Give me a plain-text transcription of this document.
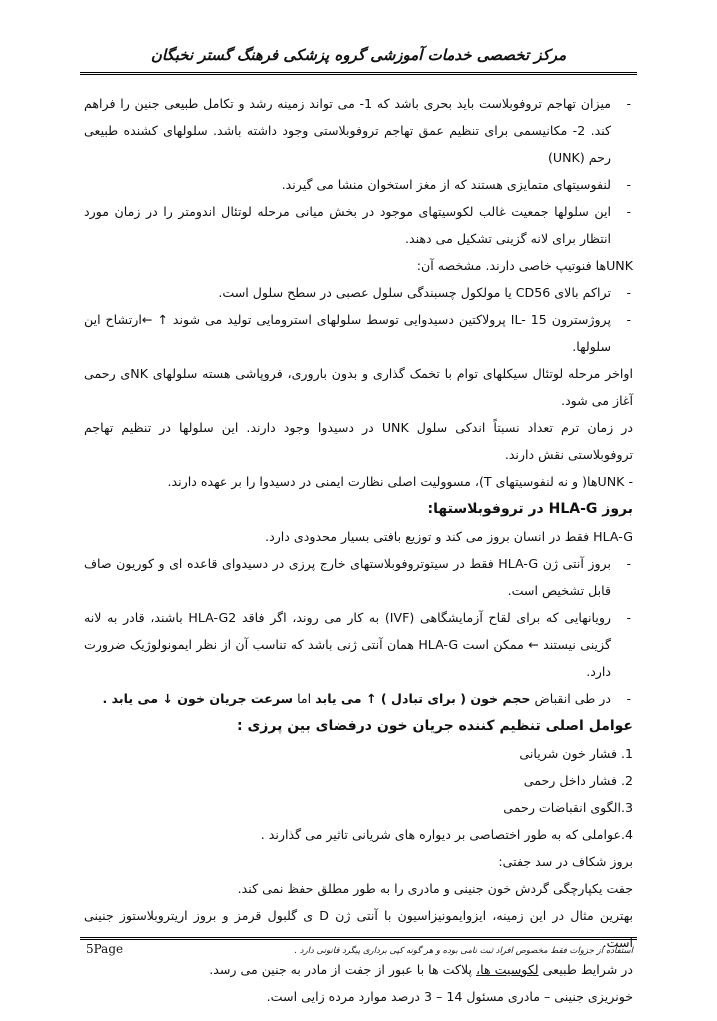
مرکز تخصصی خدمات آموزشی گروه پزشکی فرهنگ گستر نخبگان

- میزان تهاجم تروفوبلاست باید بحری باشد که 1- می تواند زمینه رشد و تکامل طبیعی جنین را فراهم کند. 2- مکانیسمی برای تنظیم عمق تهاجم تروفوبلاستی وجود داشته باشد. سلولهای کشنده طبیعی رحم (UNK)

- لنفوسیتهای متمایزی هستند که از مغز استخوان منشا می گیرند.

- این سلولها جمعیت غالب لکوسیتهای موجود در بخش میانی مرحله لوتئال اندومتر را در زمان مورد انتظار برای لانه گزینی تشکیل می دهند.

UNKها فنوتیپ خاصی دارند. مشخصه آن:

- تراکم بالای CD56 یا مولکول چسبندگی سلول عصبی در سطح سلول است.

- پروژسترون IL- 15 پرولاکتین دسیدوایی توسط سلولهای استرومایی تولید می شوند ↑ ←ارتشاح این سلولها.

اواخر مرحله لوتئال سیکلهای توام با تخمک گذاری و بدون باروری، فروپاشی هسته سلولهای NKی رحمی آغاز می شود.

در زمان ترم تعداد نسبتاً اندکی سلول UNK در دسیدوا وجود دارند. این سلولها در تنظیم تهاجم تروفوبلاستی نقش دارند.

- UNKها( و نه لنفوسیتهای T)، مسوولیت اصلی نظارت ایمنی در دسیدوا را بر عهده دارند.

بروز HLA-G در تروفوبلاستها:

HLA-G فقط در انسان بروز می کند و توزیع بافتی بسیار محدودی دارد.

- بروز آنتی ژن HLA-G فقط در سیتوتروفوبلاستهای خارج پرزی در دسیدوای قاعده ای و کوریون صاف قابل تشخیص است.

- رویانهایی که برای لقاح آزمایشگاهی (IVF) به کار می روند، اگر فاقد HLA-G2 باشند، قادر به لانه گزینی نیستند ← ممکن است HLA-G همان آنتی ژنی باشد که تناسب آن از نظر ایمونولوژیک ضرورت دارد.

- در طی انقباض حجم خون ( برای تبادل ) ↑ می یابد اما سرعت جریان خون ↓ می یابد .

عوامل اصلی تنظیم کننده جریان خون درفضای بین پرزی :

1. فشار خون شریانی

2. فشار داخل رحمی

3.الگوی انقباضات رحمی

4.عواملی که به طور اختصاصی بر دیواره های شریانی تاثیر می گذارند .

بروز شکاف در سد جفتی:

جفت یکپارچگی گردش خون جنینی و مادری را به طور مطلق حفظ نمی کند.

بهترین مثال در این زمینه، ایزوایمونیزاسیون با آنتی ژن D ی گلبول قرمز و بروز اریتروبلاستوز جنینی است.

در شرایط طبیعی لکوسیت ها، پلاکت ها با عبور از جفت از مادر به جنین می رسد.

خونریزی جنینی – مادری مسئول 14 – 3 درصد موارد مرده زایی است.

5Page	استفاده از جزوات فقط مخصوص افراد ثبت نامی بوده و هر گونه کپی برداری پیگرد قانونی دارد .
